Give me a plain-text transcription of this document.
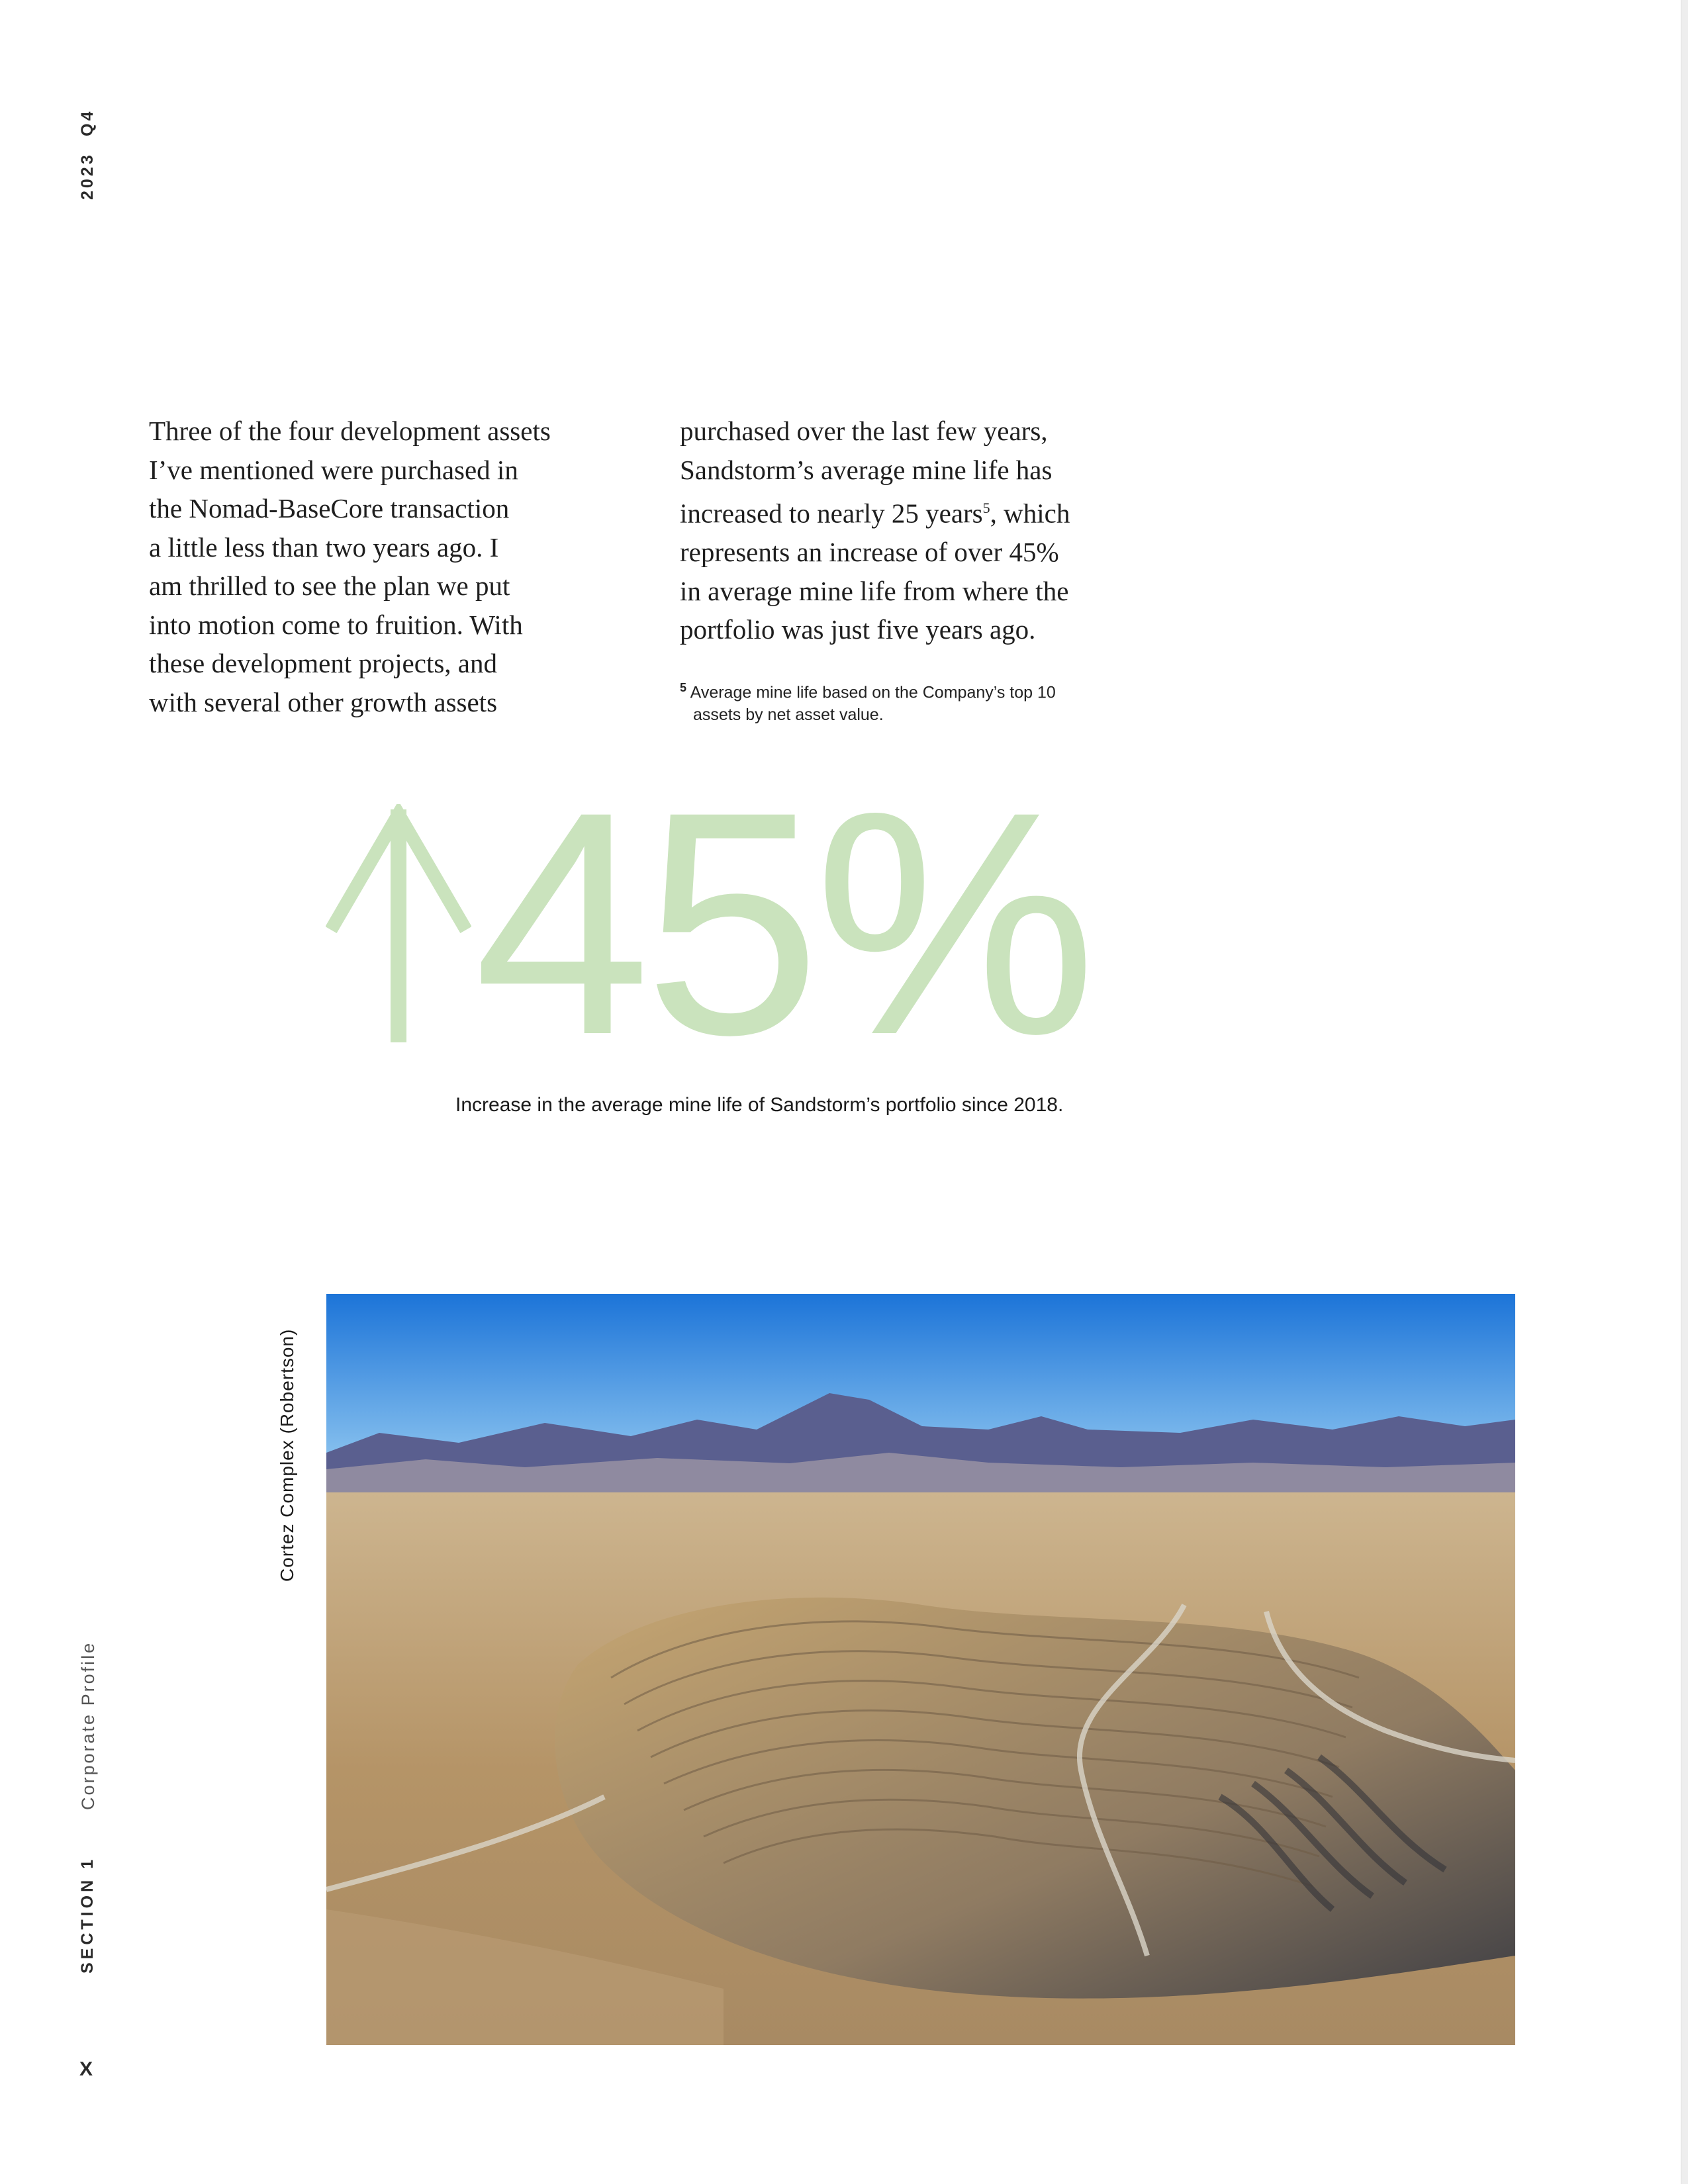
2023
Q4
Corporate Profile
SECTION 1
X

Three of the four development assets

I’ve mentioned were purchased in

the Nomad-BaseCore transaction

a little less than two years ago. I

am thrilled to see the plan we put

into motion come to fruition. With

these development projects, and

with several other growth assets

purchased over the last few years,

Sandstorm’s average mine life has

increased to nearly 25 years$^5$, which

represents an increase of over 45%

in average mine life from where the

portfolio was just five years ago.

$^5$ Average mine life based on the Company’s top 10
assets by net asset value.
45%
Increase in the average mine life of Sandstorm’s portfolio since 2018.
Cortez Complex (Robertson)
